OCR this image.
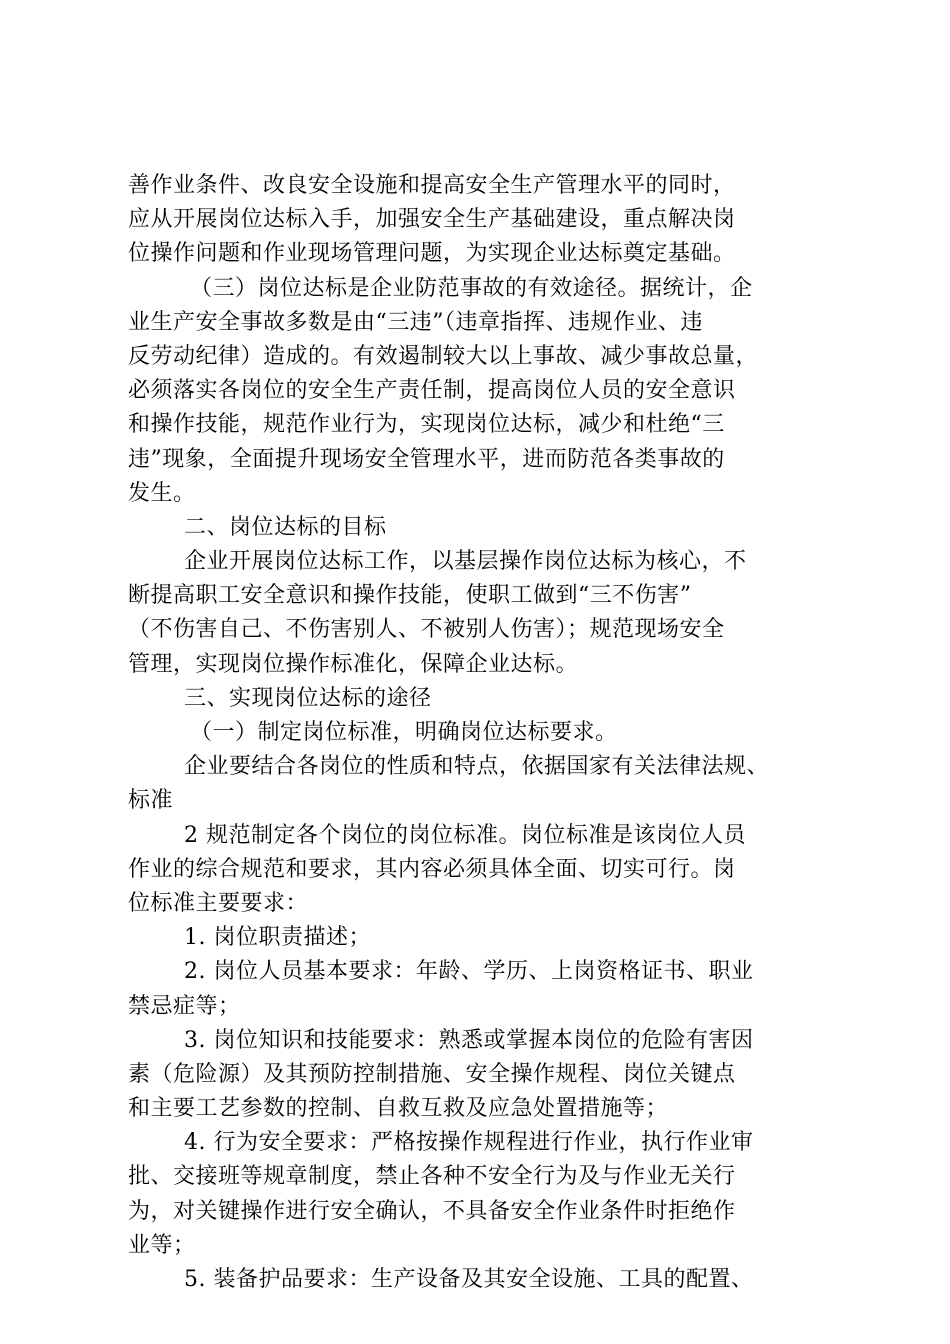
善作业条件、改良安全设施和提高安全生产管理水平的同时，
应从开展岗位达标入手，加强安全生产基础建设，重点解决岗
位操作问题和作业现场管理问题，为实现企业达标奠定基础。
（三）岗位达标是企业防范事故的有效途径。据统计，企
业生产安全事故多数是由“三违”（违章指挥、违规作业、违
反劳动纪律）造成的。有效遏制较大以上事故、减少事故总量，
必须落实各岗位的安全生产责任制，提高岗位人员的安全意识
和操作技能，规范作业行为，实现岗位达标，减少和杜绝“三
违”现象，全面提升现场安全管理水平，进而防范各类事故的
发生。
二、岗位达标的目标
企业开展岗位达标工作，以基层操作岗位达标为核心，不
断提高职工安全意识和操作技能，使职工做到“三不伤害”
（不伤害自己、不伤害别人、不被别人伤害）；规范现场安全
管理，实现岗位操作标准化，保障企业达标。
三、实现岗位达标的途径
（一）制定岗位标准，明确岗位达标要求。
企业要结合各岗位的性质和特点，依据国家有关法律法规、
标准
2 规范制定各个岗位的岗位标准。岗位标准是该岗位人员
作业的综合规范和要求，其内容必须具体全面、切实可行。岗
位标准主要要求：
1. 岗位职责描述；
2. 岗位人员基本要求：年龄、学历、上岗资格证书、职业
禁忌症等；
3. 岗位知识和技能要求：熟悉或掌握本岗位的危险有害因
素（危险源）及其预防控制措施、安全操作规程、岗位关键点
和主要工艺参数的控制、自救互救及应急处置措施等；
4. 行为安全要求：严格按操作规程进行作业，执行作业审
批、交接班等规章制度，禁止各种不安全行为及与作业无关行
为，对关键操作进行安全确认，不具备安全作业条件时拒绝作
业等；
5. 装备护品要求：生产设备及其安全设施、工具的配置、
